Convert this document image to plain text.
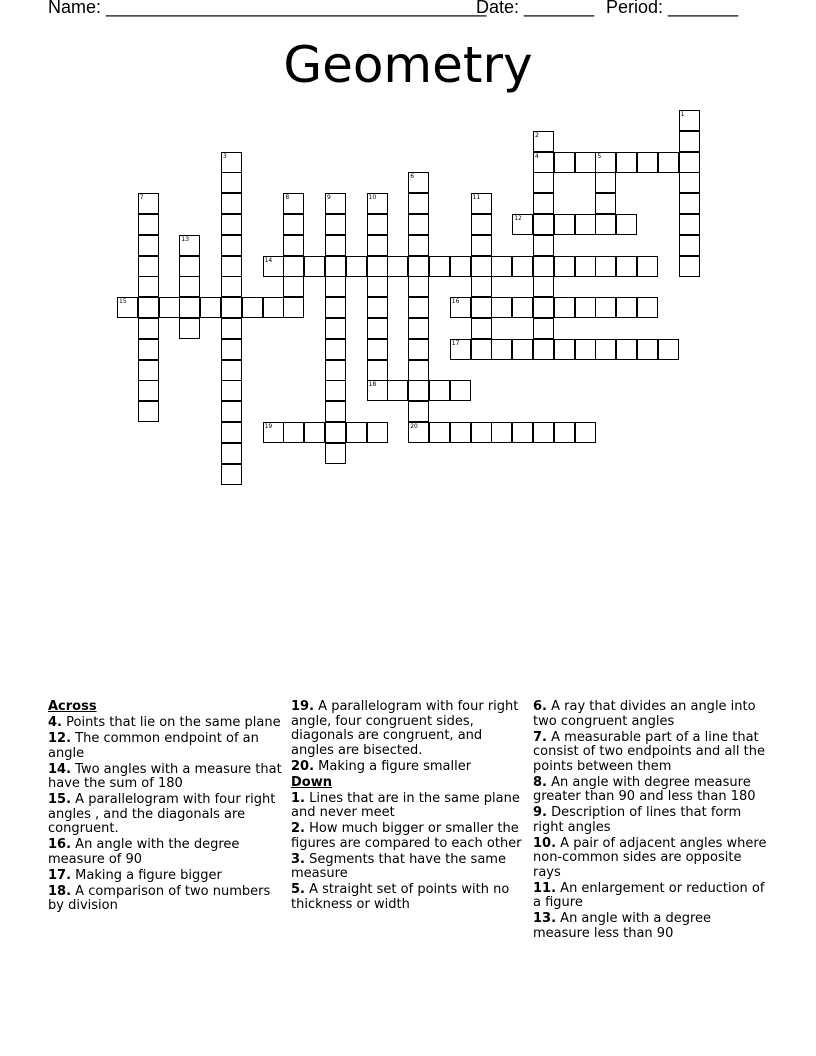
Name: ______________________________________
Date: _______ Period: _______
Geometry
1
2
4
3	5
6
7	8	9	10
18
11
12
13
14
15	16
17
19	20
Across
4. Points that lie on the same plane
12. The common endpoint of an angle
14. Two angles with a measure that have the sum of 180
15. A parallelogram with four right angles , and the diagonals are congruent.
16. An angle with the degree measure of 90
17. Making a figure bigger
18. A comparison of two numbers by division
19. A parallelogram with four right angle, four congruent sides, diagonals are congruent, and angles are bisected.
20. Making a figure smaller
Down
1. Lines that are in the same plane and never meet
2. How much bigger or smaller the figures are compared to each other
3. Segments that have the same measure
5. A straight set of points with no thickness or width
6. A ray that divides an angle into two congruent angles
7. A measurable part of a line that consist of two endpoints and all the points between them
8. An angle with degree measure greater than 90 and less than 180
9. Description of lines that form right angles
10. A pair of adjacent angles where non-common sides are opposite rays
11. An enlargement or reduction of a figure
13. An angle with a degree measure less than 90
